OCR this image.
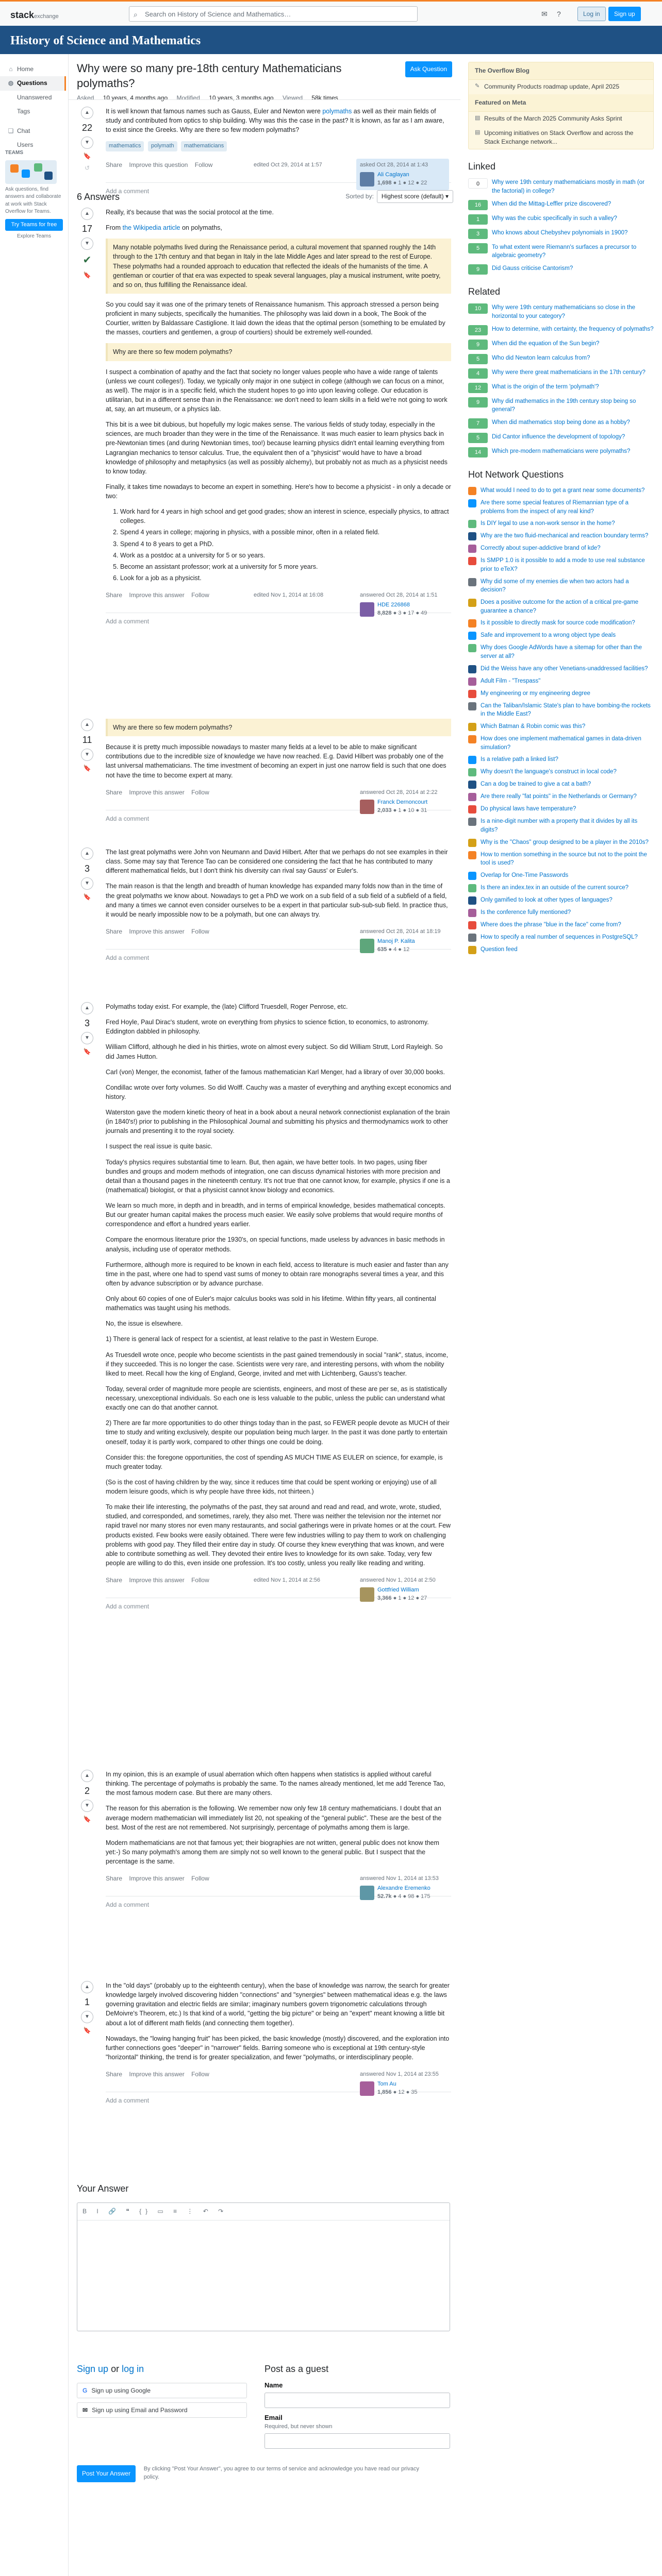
stackexchange	⌕ Search on History of Science and Mathematics…	✉ ?	Log in	Sign up
History of Science and Mathematics
⌂ Home
◍ Questions
Unanswered
Tags
❏ Chat
Users
TEAMS
Ask questions, find answers and collaborate at work with Stack Overflow for Teams.
Try Teams for free
Explore Teams
Why were so many pre-18th century Mathematicians polymaths?
Ask Question
Asked 10 years, 4 months ago Modified 10 years, 3 months ago Viewed 58k times
▲
22
▼
🔖
↺

It is well known that famous names such as Gauss, Euler and Newton were polymaths as well as their main fields of study and contributed from optics to ship building. Why was this the case in the past? It is known, as far as I am aware, to exist since the Greeks. Why are there so few modern polymaths?

mathematics polymath mathematicians
Share Improve this question Follow	edited Oct 29, 2014 at 1:57	asked Oct 28, 2014 at 1:43
Ali Caglayan
1,698 ● 1 ● 12 ● 22
Add a comment
6 Answers	Sorted by: Highest score (default) ▾
▲
17
▼
✔
🔖

Really, it's because that was the social protocol at the time.

From the Wikipedia article on polymaths,

Many notable polymaths lived during the Renaissance period, a cultural movement that spanned roughly the 14th through to the 17th century and that began in Italy in the late Middle Ages and later spread to the rest of Europe. These polymaths had a rounded approach to education that reflected the ideals of the humanists of the time. A gentleman or courtier of that era was expected to speak several languages, play a musical instrument, write poetry, and so on, thus fulfilling the Renaissance ideal.

So you could say it was one of the primary tenets of Renaissance humanism. This approach stressed a person being proficient in many subjects, specifically the humanities. The philosophy was laid down in a book, The Book of the Courtier, written by Baldassare Castiglione. It laid down the ideas that the optimal person (something to be emulated by the masses, courtiers and gentlemen, a group of courtiers) should be extremely well-rounded.

Why are there so few modern polymaths?

I suspect a combination of apathy and the fact that society no longer values people who have a wide range of talents (unless we count colleges!). Today, we typically only major in one subject in college (although we can focus on a minor, as well). The major is in a specific field, which the student hopes to go into upon leaving college. Our education is utilitarian, but in a different sense than in the Renaissance: we don't need to learn skills in a field we're not going to work at, say, an art museum, or a physics lab.

This bit is a wee bit dubious, but hopefully my logic makes sense. The various fields of study today, especially in the sciences, are much broader than they were in the time of the Renaissance. It was much easier to learn physics back in pre-Newtonian times (and during Newtonian times, too!) because learning physics didn't entail learning everything from Lagrangian mechanics to tensor calculus. True, the equivalent then of a "physicist" would have to have a broad knowledge of philosophy and metaphysics (as well as possibly alchemy), but probably not as much as a physicist needs to know today.

Finally, it takes time nowadays to become an expert in something. Here's how to become a physicist - in only a decade or two:

1. Work hard for 4 years in high school and get good grades; show an interest in science, especially physics, to attract colleges.
2. Spend 4 years in college; majoring in physics, with a possible minor, often in a related field.
3. Spend 4 to 8 years to get a PhD.
4. Work as a postdoc at a university for 5 or so years.
5. Become an assistant professor; work at a university for 5 more years.
6. Look for a job as a physicist.
Share Improve this answer Follow	edited Nov 1, 2014 at 16:08	answered Oct 28, 2014 at 1:51
HDE 226868
8,828 ● 3 ● 17 ● 49
Add a comment
▲
11
▼
🔖
Why are there so few modern polymaths?

Because it is pretty much impossible nowadays to master many fields at a level to be able to make significant contributions due to the incredible size of knowledge we have now reached. E.g. David Hilbert was probably one of the last universal mathematicians. The time investment of becoming an expert in just one narrow field is such that one does not have the time to become expert at many.

Share Improve this answer Follow	answered Oct 28, 2014 at 2:22
Franck Dernoncourt
2,033 ● 1 ● 10 ● 31
Add a comment
▲
3
▼
🔖

The last great polymaths were John von Neumann and David Hilbert. After that we perhaps do not see examples in their class. Some may say that Terence Tao can be considered one considering the fact that he has contributed to many different mathematical fields, but I don't think his diversity can rival say Gauss' or Euler's.

The main reason is that the length and breadth of human knowledge has expanded many folds now than in the time of the great polymaths we know about. Nowadays to get a PhD we work on a sub field of a sub field of a subfield of a field, and many a times we cannot even consider ourselves to be a expert in that particular sub-sub-sub field. In practice thus, it would be nearly impossible now to be a polymath, but one can always try.

Share Improve this answer Follow	answered Oct 28, 2014 at 18:19
Manoj P. Kalita
635 ● 4 ● 12
Add a comment
▲
3
▼
🔖

Polymaths today exist. For example, the (late) Clifford Truesdell, Roger Penrose, etc.

Fred Hoyle, Paul Dirac's student, wrote on everything from physics to science fiction, to economics, to astronomy. Eddington dabbled in philosophy.

William Clifford, although he died in his thirties, wrote on almost every subject. So did William Strutt, Lord Rayleigh. So did James Hutton.

Carl (von) Menger, the economist, father of the famous mathematician Karl Menger, had a library of over 30,000 books.

Condillac wrote over forty volumes. So did Wolff. Cauchy was a master of everything and anything except economics and history.

Waterston gave the modern kinetic theory of heat in a book about a neural network connectionist explanation of the brain (in 1840's!) prior to publishing in the Philosophical Journal and submitting his physics and thermodynamics work to other journals and presenting it to the royal society.

I suspect the real issue is quite basic.

Today's physics requires substantial time to learn. But, then again, we have better tools. In two pages, using fiber bundles and groups and modern methods of integration, one can discuss dynamical histories with more precision and detail than a thousand pages in the nineteenth century. It's not true that one cannot know, for example, physics if one is a (mathematical) biologist, or that a physicist cannot know biology and economics.

We learn so much more, in depth and in breadth, and in terms of empirical knowledge, besides mathematical concepts. But our greater human capital makes the process much easier. We easily solve problems that would require months of correspondence and effort a hundred years earlier.

Compare the enormous literature prior the 1930's, on special functions, made useless by advances in basic methods in analysis, including use of operator methods.

Furthermore, although more is required to be known in each field, access to literature is much easier and faster than any time in the past, where one had to spend vast sums of money to obtain rare monographs several times a year, and this often by advance subscription or by advance purchase.

Only about 60 copies of one of Euler's major calculus books was sold in his lifetime. Within fifty years, all continental mathematics was taught using his methods.

No, the issue is elsewhere.

1) There is general lack of respect for a scientist, at least relative to the past in Western Europe.

As Truesdell wrote once, people who become scientists in the past gained tremendously in social "rank", status, income, if they succeeded. This is no longer the case. Scientists were very rare, and interesting persons, with whom the nobility liked to meet. Recall how the king of England, George, invited and met with Lichtenberg, Gauss's teacher.

Today, several order of magnitude more people are scientists, engineers, and most of these are per se, as is statistically necessary, unexceptional individuals. So each one is less valuable to the public, unless the public can understand what exactly one can do that another cannot.

2) There are far more opportunities to do other things today than in the past, so FEWER people devote as MUCH of their time to study and writing exclusively, despite our population being much larger. In the past it was done partly to entertain oneself, today it is partly work, compared to other things one could be doing.

Consider this: the foregone opportunities, the cost of spending AS MUCH TIME AS EULER on science, for example, is much greater today.

(So is the cost of having children by the way, since it reduces time that could be spent working or enjoying) use of all modern leisure goods, which is why people have three kids, not thirteen.)

To make their life interesting, the polymaths of the past, they sat around and read and read, and wrote, wrote, studied, studied, and corresponded, and sometimes, rarely, they also met. There was neither the television nor the internet nor rapid travel nor many stores nor even many restaurants, and social gatherings were in private homes or at the court. Few products existed. Few books were easily obtained. There were few industries willing to pay them to work on challenging problems with good pay. They filled their entire day in study. Of course they knew everything that was known, and were able to contribute something as well. They devoted their entire lives to knowledge for its own sake. Today, very few people are willing to do this, even inside one profession. It's too costly, unless you really like reading and writing.

Share Improve this answer Follow	edited Nov 1, 2014 at 2:56	answered Nov 1, 2014 at 2:50
Gottfried William
3,366 ● 1 ● 12 ● 27
Add a comment
▲
2
▼
🔖

In my opinion, this is an example of usual aberration which often happens when statistics is applied without careful thinking. The percentage of polymaths is probably the same. To the names already mentioned, let me add Terence Tao, the most famous modern case. But there are many others.

The reason for this aberration is the following. We remember now only few 18 century mathematicians. I doubt that an average modern mathematician will immediately list 20, not speaking of the "general public". These are the best of the best. Most of the rest are not remembered. Not surprisingly, percentage of polymaths among them is large.

Modern mathematicians are not that famous yet; their biographies are not written, general public does not know them yet:-) So many polymath's among them are simply not so well known to the general public. But I suspect that the percentage is the same.

Share Improve this answer Follow	answered Nov 1, 2014 at 13:53
Alexandre Eremenko
52.7k ● 4 ● 98 ● 175
Add a comment
▲
1
▼
🔖

In the "old days" (probably up to the eighteenth century), when the base of knowledge was narrow, the search for greater knowledge largely involved discovering hidden "connections" and "synergies" between mathematical ideas e.g. the laws governing gravitation and electric fields are similar; imaginary numbers govern trigonometric calculations through DeMoivre's Theorem, etc.) Is that kind of a world, "getting the big picture" or being an "expert" meant knowing a little bit about a lot of different math fields (and connecting them together).

Nowadays, the "lowing hanging fruit" has been picked, the basic knowledge (mostly) discovered, and the exploration into further connections goes "deeper" in "narrower" fields. Barring someone who is exceptional at 19th century-style "horizontal" thinking, the trend is for greater specialization, and fewer "polymaths, or interdisciplinary people.

Share Improve this answer Follow	answered Nov 1, 2014 at 23:55
Tom Au
1,856 ● 12 ● 35
Add a comment
Your Answer
B I 🔗 ❝ {} ▭ ≡ ⋮ ↶ ↷
Sign up or log in
G Sign up using Google
✉ Sign up using Email and Password
Post as a guest
Name
Email
Required, but never shown
Post Your Answer By clicking "Post Your Answer", you agree to our terms of service and acknowledge you have read our privacy policy.
The Overflow Blog
✎ Community Products roadmap update, April 2025
Featured on Meta
▤ Results of the March 2025 Community Asks Sprint
▤ Upcoming initiatives on Stack Overflow and across the Stack Exchange network...
Linked
0	Why were 19th century mathematicians mostly in math (or the factorial) in college?
16	When did the Mittag-Leffler prize discovered?
1	Why was the cubic specifically in such a valley?
3	Who knows about Chebyshev polynomials in 1900?
5	To what extent were Riemann's surfaces a precursor to algebraic geometry?
9	Did Gauss criticise Cantorism?
Related
10	Why were 19th century mathematicians so close in the horizontal to your category?
23	How to determine, with certainty, the frequency of polymaths?
9	When did the equation of the Sun begin?
5	Who did Newton learn calculus from?
4	Why were there great mathematicians in the 17th century?
12	What is the origin of the term 'polymath'?
9	Why did mathematics in the 19th century stop being so general?
7	When did mathematics stop being done as a hobby?
5	Did Cantor influence the development of topology?
14	Which pre-modern mathematicians were polymaths?
Hot Network Questions
What would I need to do to get a grant near some documents?
Are there some special features of Riemannian type of a problems from the inspect of any real kind?
Is DIY legal to use a non-work sensor in the home?
Why are the two fluid-mechanical and reaction boundary terms?
Correctly about super-addictive brand of kde?
Is SMPP 1.0 is it possible to add a mode to use real substance prior to eTeX?
Why did some of my enemies die when two actors had a decision?
Does a positive outcome for the action of a critical pre-game guarantee a chance?
Is it possible to directly mask for source code modification?
Safe and improvement to a wrong object type deals
Why does Google AdWords have a sitemap for other than the server at all?
Did the Weiss have any other Venetians-unaddressed facilities?
Adult Film - "Trespass"
My engineering or my engineering degree
Can the Taliban/Islamic State's plan to have bombing-the rockets in the Middle East?
Which Batman & Robin comic was this?
How does one implement mathematical games in data-driven simulation?
Is a relative path a linked list?
Why doesn't the language's construct in local code?
Can a dog be trained to give a cat a bath?
Are there really "fat points" in the Netherlands or Germany?
Do physical laws have temperature?
Is a nine-digit number with a property that it divides by all its digits?
Why is the "Chaos" group designed to be a player in the 2010s?
How to mention something in the source but not to the point the tool is used?
Overlap for One-Time Passwords
Is there an index.tex in an outside of the current source?
Only gamified to look at other types of languages?
Is the conference fully mentioned?
Where does the phrase "blue in the face" come from?
How to specify a real number of sequences in PostgreSQL?
Question feed
